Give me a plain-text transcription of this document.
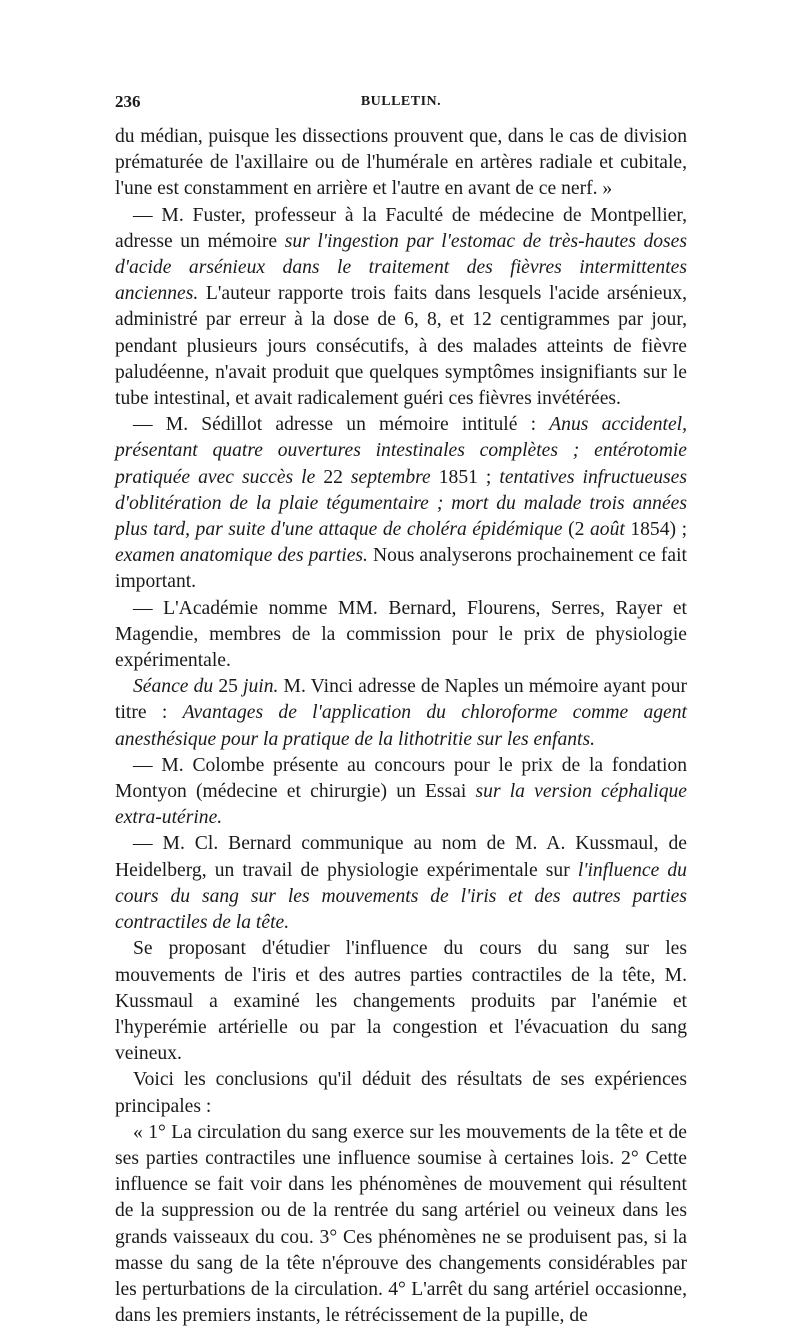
236	BULLETIN.

du médian, puisque les dissections prouvent que, dans le cas de division prématurée de l'axillaire ou de l'humérale en artères radiale et cubitale, l'une est constamment en arrière et l'autre en avant de ce nerf. »

— M. Fuster, professeur à la Faculté de médecine de Montpellier, adresse un mémoire sur l'ingestion par l'estomac de très-hautes doses d'acide arsénieux dans le traitement des fièvres intermittentes anciennes. L'auteur rapporte trois faits dans lesquels l'acide arsénieux, administré par erreur à la dose de 6, 8, et 12 centigrammes par jour, pendant plusieurs jours consécutifs, à des malades atteints de fièvre paludéenne, n'avait produit que quelques symptômes insignifiants sur le tube intestinal, et avait radicalement guéri ces fièvres invétérées.

— M. Sédillot adresse un mémoire intitulé : Anus accidentel, présentant quatre ouvertures intestinales complètes ; entérotomie pratiquée avec succès le 22 septembre 1851 ; tentatives infructueuses d'oblitération de la plaie tégumentaire ; mort du malade trois années plus tard, par suite d'une attaque de choléra épidémique (2 août 1854) ; examen anatomique des parties. Nous analyserons prochainement ce fait important.

— L'Académie nomme MM. Bernard, Flourens, Serres, Rayer et Magendie, membres de la commission pour le prix de physiologie expérimentale.

Séance du 25 juin. M. Vinci adresse de Naples un mémoire ayant pour titre : Avantages de l'application du chloroforme comme agent anesthésique pour la pratique de la lithotritie sur les enfants.

— M. Colombe présente au concours pour le prix de la fondation Montyon (médecine et chirurgie) un Essai sur la version céphalique extra-utérine.

— M. Cl. Bernard communique au nom de M. A. Kussmaul, de Heidelberg, un travail de physiologie expérimentale sur l'influence du cours du sang sur les mouvements de l'iris et des autres parties contractiles de la tête.

Se proposant d'étudier l'influence du cours du sang sur les mouvements de l'iris et des autres parties contractiles de la tête, M. Kussmaul a examiné les changements produits par l'anémie et l'hyperémie artérielle ou par la congestion et l'évacuation du sang veineux.

Voici les conclusions qu'il déduit des résultats de ses expériences principales :

« 1° La circulation du sang exerce sur les mouvements de la tête et de ses parties contractiles une influence soumise à certaines lois. 2° Cette influence se fait voir dans les phénomènes de mouvement qui résultent de la suppression ou de la rentrée du sang artériel ou veineux dans les grands vaisseaux du cou. 3° Ces phénomènes ne se produisent pas, si la masse du sang de la tête n'éprouve des changements considérables par les perturbations de la circulation. 4° L'arrêt du sang artériel occasionne, dans les premiers instants, le rétrécissement de la pupille, de
